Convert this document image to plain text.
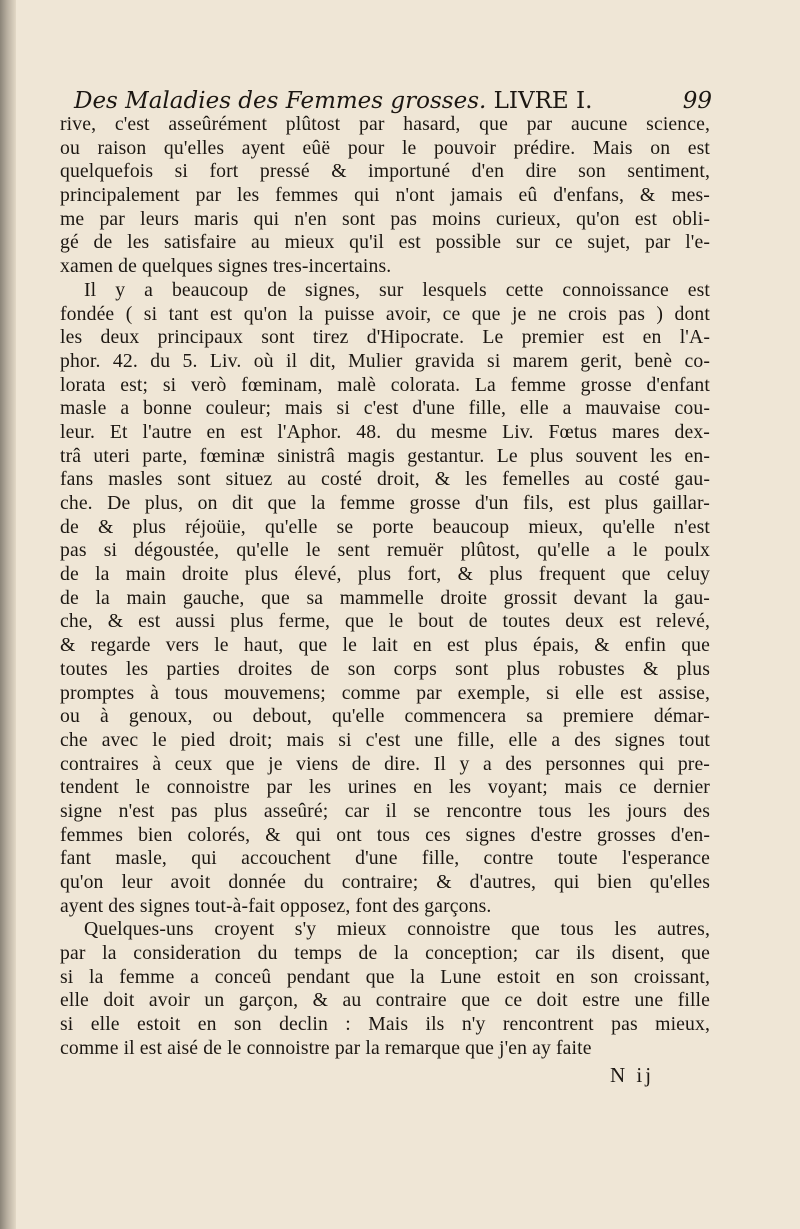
Des Maladies des Femmes grosses. LIVRE I.	99
rive, c'est asseûrément plûtost par hasard, que par aucune science,
ou raison qu'elles ayent eûë pour le pouvoir prédire. Mais on est
quelquefois si fort pressé & importuné d'en dire son sentiment,
principalement par les femmes qui n'ont jamais eû d'enfans, & mes-
me par leurs maris qui n'en sont pas moins curieux, qu'on est obli-
gé de les satisfaire au mieux qu'il est possible sur ce sujet, par l'e-
xamen de quelques signes tres-incertains.
Il y a beaucoup de signes, sur lesquels cette connoissance est
fondée ( si tant est qu'on la puisse avoir, ce que je ne crois pas ) dont
les deux principaux sont tirez d'Hipocrate. Le premier est en l'A-
phor. 42. du 5. Liv. où il dit, Mulier gravida si marem gerit, benè co-
lorata est; si verò fœminam, malè colorata. La femme grosse d'enfant
masle a bonne couleur; mais si c'est d'une fille, elle a mauvaise cou-
leur. Et l'autre en est l'Aphor. 48. du mesme Liv. Fœtus mares dex-
trâ uteri parte, fœminæ sinistrâ magis gestantur. Le plus souvent les en-
fans masles sont situez au costé droit, & les femelles au costé gau-
che. De plus, on dit que la femme grosse d'un fils, est plus gaillar-
de & plus réjoüie, qu'elle se porte beaucoup mieux, qu'elle n'est
pas si dégoustée, qu'elle le sent remuër plûtost, qu'elle a le poulx
de la main droite plus élevé, plus fort, & plus frequent que celuy
de la main gauche, que sa mammelle droite grossit devant la gau-
che, & est aussi plus ferme, que le bout de toutes deux est relevé,
& regarde vers le haut, que le lait en est plus épais, & enfin que
toutes les parties droites de son corps sont plus robustes & plus
promptes à tous mouvemens; comme par exemple, si elle est assise,
ou à genoux, ou debout, qu'elle commencera sa premiere démar-
che avec le pied droit; mais si c'est une fille, elle a des signes tout
contraires à ceux que je viens de dire. Il y a des personnes qui pre-
tendent le connoistre par les urines en les voyant; mais ce dernier
signe n'est pas plus asseûré; car il se rencontre tous les jours des
femmes bien colorés, & qui ont tous ces signes d'estre grosses d'en-
fant masle, qui accouchent d'une fille, contre toute l'esperance
qu'on leur avoit donnée du contraire; & d'autres, qui bien qu'elles
ayent des signes tout-à-fait opposez, font des garçons.
Quelques-uns croyent s'y mieux connoistre que tous les autres,
par la consideration du temps de la conception; car ils disent, que
si la femme a conceû pendant que la Lune estoit en son croissant,
elle doit avoir un garçon, & au contraire que ce doit estre une fille
si elle estoit en son declin : Mais ils n'y rencontrent pas mieux,
comme il est aisé de le connoistre par la remarque que j'en ay faite
N ij
